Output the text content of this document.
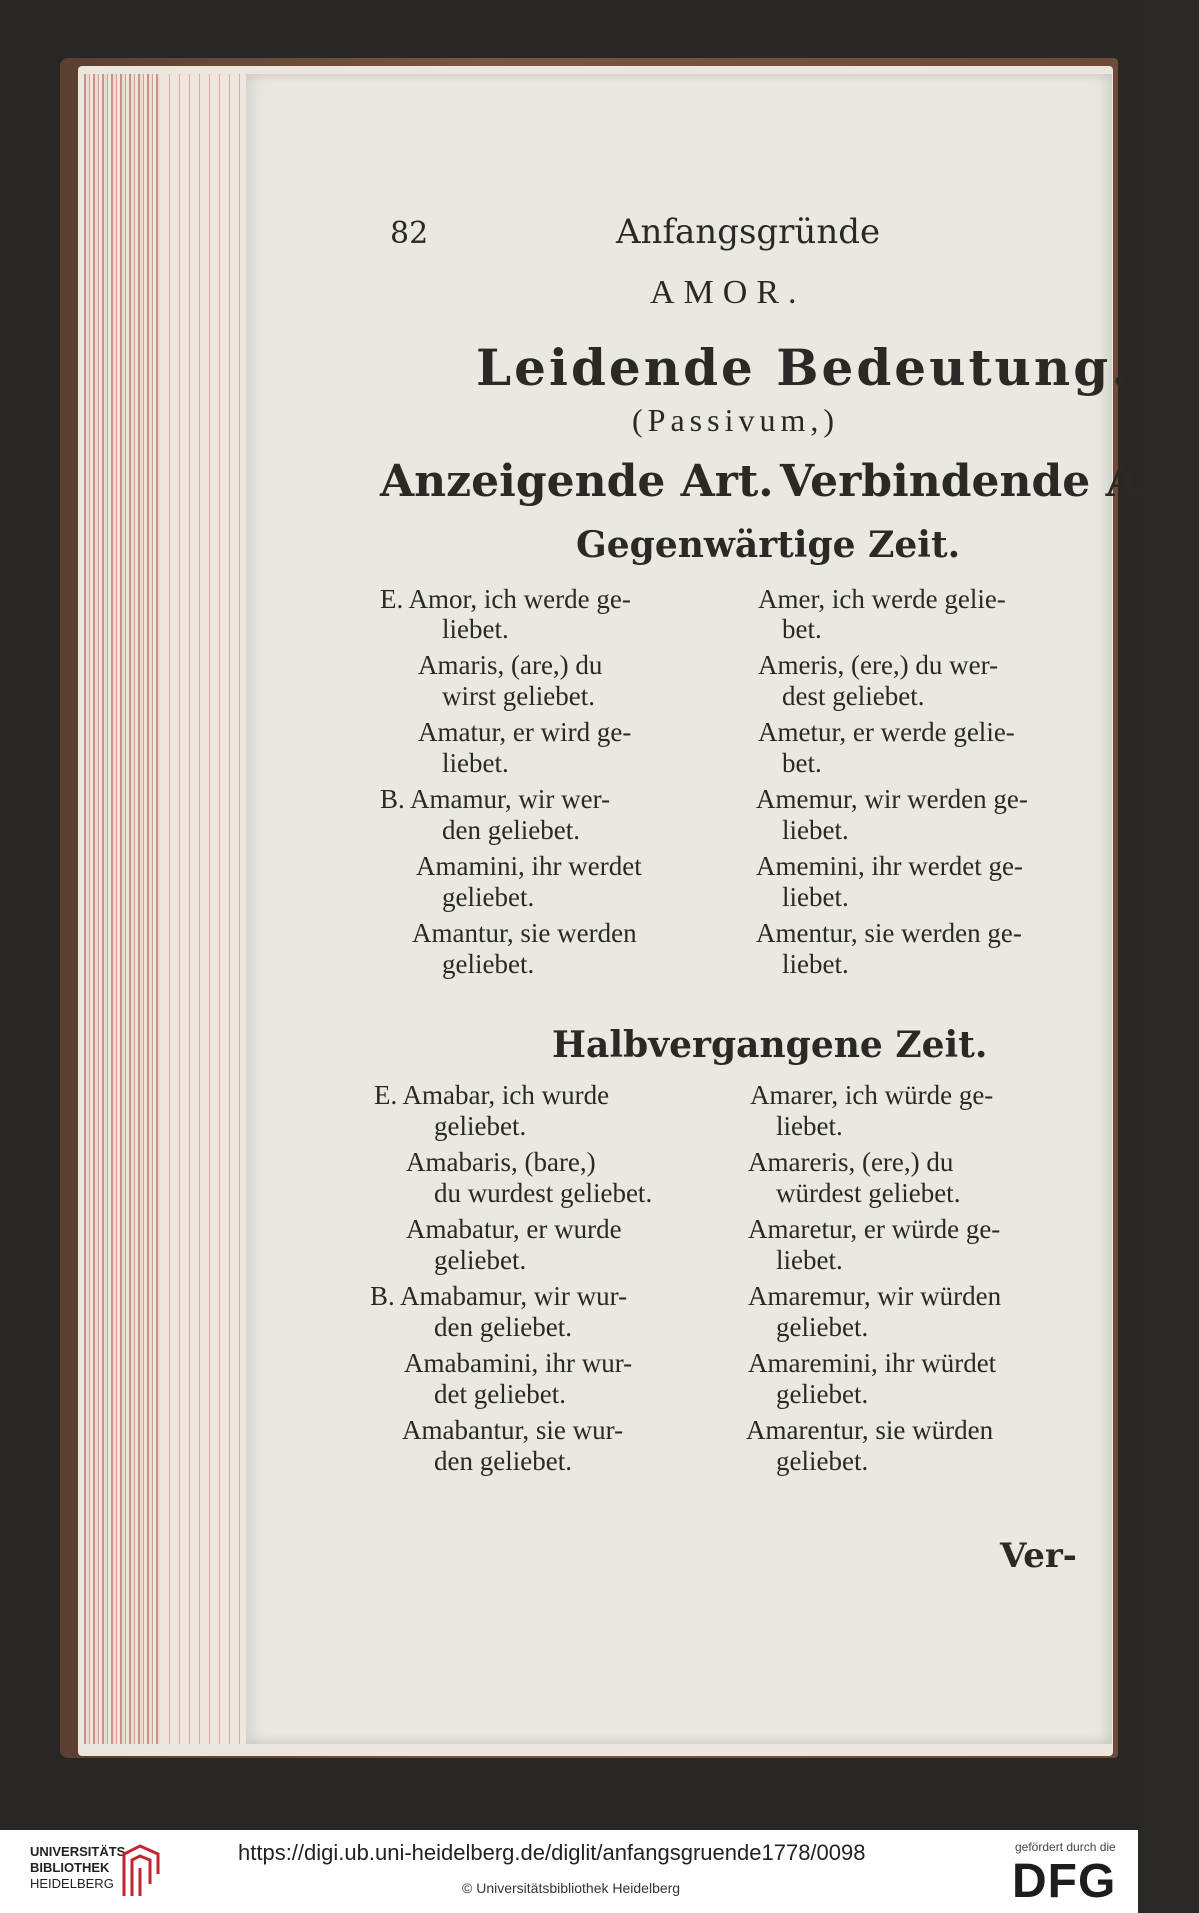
82	Anfangsgründe
AMOR.
Leidende Bedeutung.
(Passivum,)
Anzeigende Art. Verbindende Art.
Gegenwärtige Zeit.
E. Amor, ich werde ge-
liebet.
Amaris, (are,) du
wirst geliebet.
Amatur, er wird ge-
liebet.
B. Amamur, wir wer-
den geliebet.
Amamini, ihr werdet
geliebet.
Amantur, sie werden
geliebet.
Amer, ich werde gelie-
bet.
Ameris, (ere,) du wer-
dest geliebet.
Ametur, er werde gelie-
bet.
Amemur, wir werden ge-
liebet.
Amemini, ihr werdet ge-
liebet.
Amentur, sie werden ge-
liebet.
Halbvergangene Zeit.
E. Amabar, ich wurde
geliebet.
Amabaris, (bare,)
du wurdest geliebet.
Amabatur, er wurde
geliebet.
B. Amabamur, wir wur-
den geliebet.
Amabamini, ihr wur-
det geliebet.
Amabantur, sie wur-
den geliebet.
Amarer, ich würde ge-
liebet.
Amareris, (ere,) du
würdest geliebet.
Amaretur, er würde ge-
liebet.
Amaremur, wir würden
geliebet.
Amaremini, ihr würdet
geliebet.
Amarentur, sie würden
geliebet.
Ver-
UNIVERSITÄTS-
BIBLIOTHEK
HEIDELBERG
https://digi.ub.uni-heidelberg.de/diglit/anfangsgruende1778/0098
© Universitätsbibliothek Heidelberg
gefördert durch die
DFG
